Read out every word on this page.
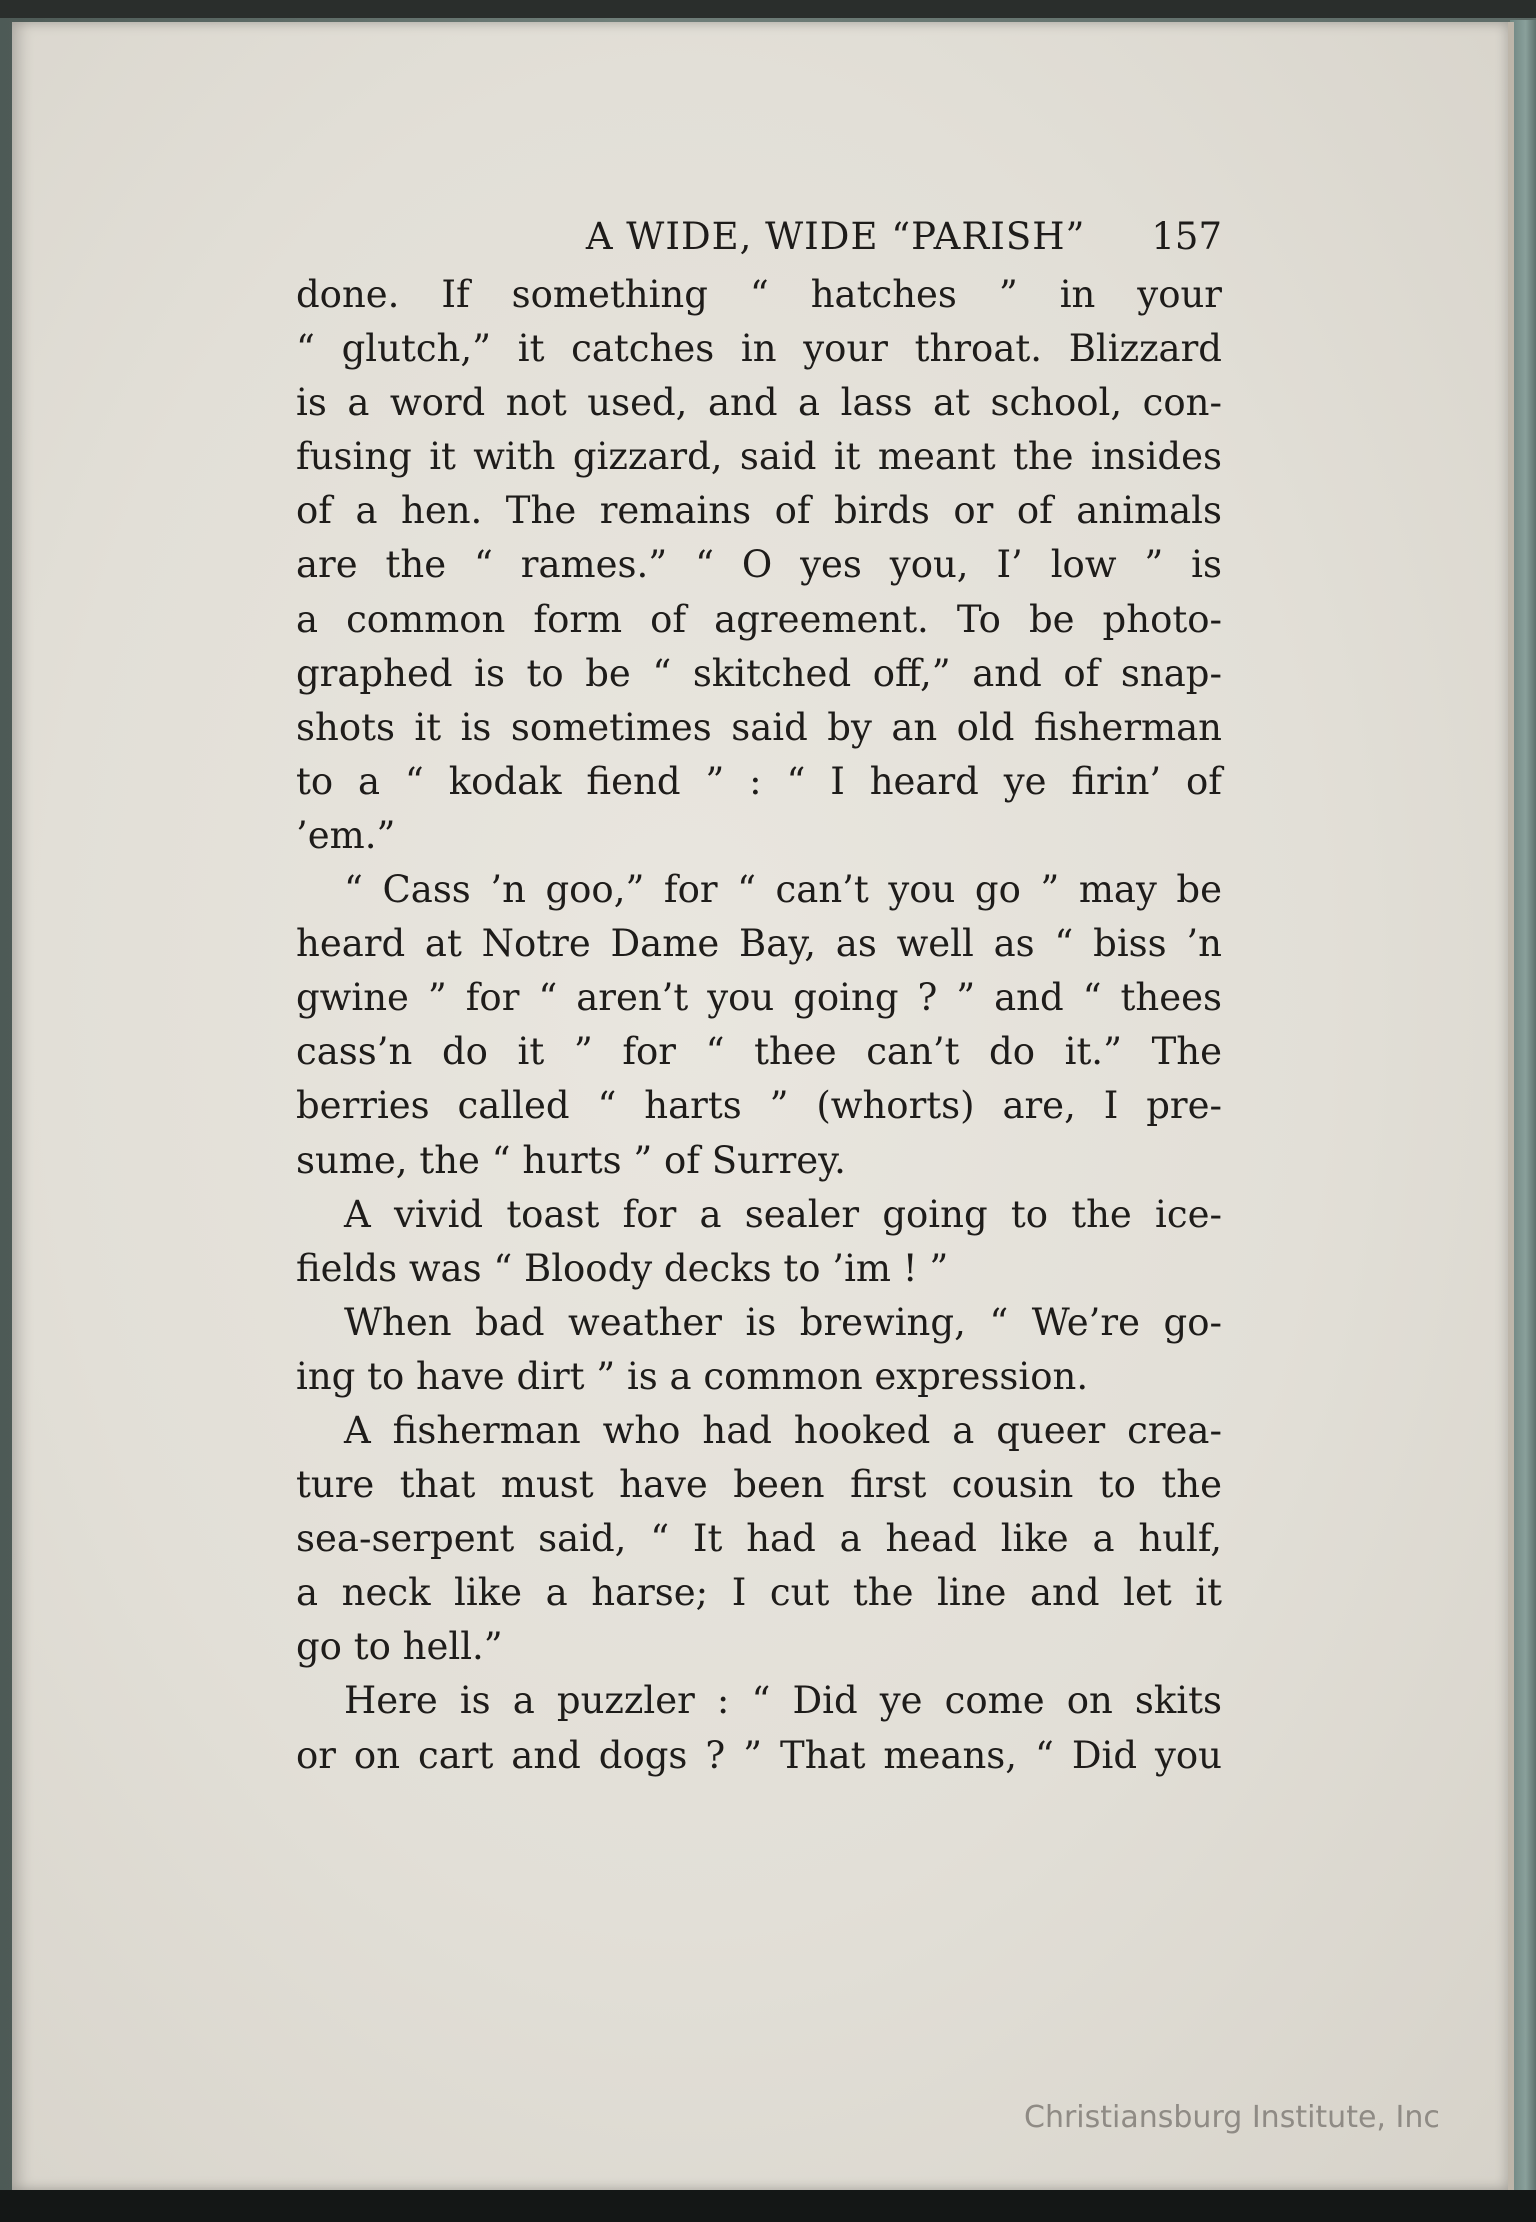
A WIDE, WIDE “PARISH” 157
done. If something “ hatches ” in your
“ glutch,” it catches in your throat. Blizzard
is a word not used, and a lass at school, con-
fusing it with gizzard, said it meant the insides
of a hen. The remains of birds or of animals
are the “ rames.” “ O yes you, I’ low ” is
a common form of agreement. To be photo-
graphed is to be “ skitched off,” and of snap-
shots it is sometimes said by an old fisherman
to a “ kodak fiend ” : “ I heard ye firin’ of
’em.”
“ Cass ’n goo,” for “ can’t you go ” may be
heard at Notre Dame Bay, as well as “ biss ’n
gwine ” for “ aren’t you going ? ” and “ thees
cass’n do it ” for “ thee can’t do it.” The
berries called “ harts ” (whorts) are, I pre-
sume, the “ hurts ” of Surrey.
A vivid toast for a sealer going to the ice-
fields was “ Bloody decks to ’im ! ”
When bad weather is brewing, “ We’re go-
ing to have dirt ” is a common expression.
A fisherman who had hooked a queer crea-
ture that must have been first cousin to the
sea-serpent said, “ It had a head like a hulf,
a neck like a harse; I cut the line and let it
go to hell.”
Here is a puzzler : “ Did ye come on skits
or on cart and dogs ? ” That means, “ Did you
Christiansburg Institute, Inc
